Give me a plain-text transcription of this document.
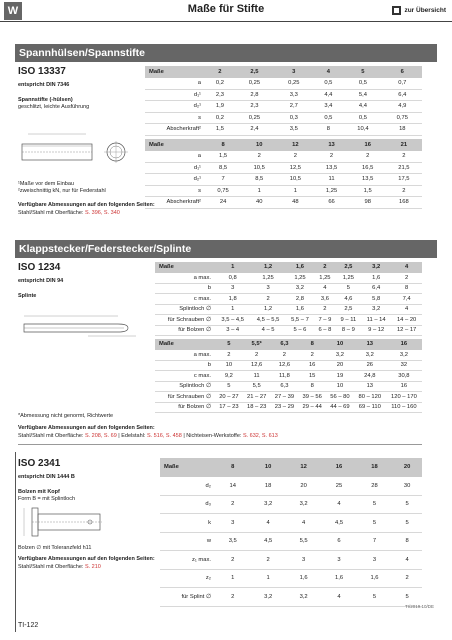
W	Maße für Stifte	zur Übersicht
Spannhülsen/Spannstifte
ISO 13337
entspricht DIN 7346
Spannstifte (-hülsen)
geschlitzt, leichte Ausführung
¹Maße vor dem Einbau
²zweischnittig kN, nur für Federstahl
Maße	2	2,5	3	4	5	6
a	0,2	0,25	0,25	0,5	0,5	0,7
d₁¹	2,3	2,8	3,3	4,4	5,4	6,4
d₂¹	1,9	2,3	2,7	3,4	4,4	4,9
s	0,2	0,25	0,3	0,5	0,5	0,75
Abscherkraft²	1,5	2,4	3,5	8	10,4	18
Maße	8	10	12	13	16	21
a	1,5	2	2	2	2	2
d₁¹	8,5	10,5	12,5	13,5	16,5	21,5
d₂¹	7	8,5	10,5	11	13,5	17,5
s	0,75	1	1	1,25	1,5	2
Abscherkraft²	24	40	48	66	98	168
Verfügbare Abmessungen auf den folgenden Seiten:
Stahl/Stahl mit Oberfläche: S. 396, S. 340
Klappstecker/Federstecker/Splinte
ISO 1234
entspricht DIN 94
Splinte
*Abmessung nicht genormt, Richtwerte
Maße	1	1,2	1,6	2	2,5	3,2	4
a max.	0,8	1,25	1,25	1,25	1,25	1,6	2
b	3	3	3,2	4	5	6,4	8
c max.	1,8	2	2,8	3,6	4,6	5,8	7,4
Splintloch ∅	1	1,2	1,6	2	2,5	3,2	4
für Schrauben ∅	3,5 – 4,5	4,5 – 5,5	5,5 – 7	7 – 9	9 – 11	11 – 14	14 – 20
für Bolzen ∅	3 – 4	4 – 5	5 – 6	6 – 8	8 – 9	9 – 12	12 – 17
Maße	5	5,5*	6,3	8	10	13	16
a max.	2	2	2	2	3,2	3,2	3,2
b	10	12,6	12,6	16	20	26	32
c max.	9,2	11	11,8	15	19	24,8	30,8
Splintloch ∅	5	5,5	6,3	8	10	13	16
für Schrauben ∅	20 – 27	21 – 27	27 – 39	39 – 56	56 – 80	80 – 120	120 – 170
für Bolzen ∅	17 – 23	18 – 23	23 – 29	29 – 44	44 – 69	69 – 110	110 – 160
Verfügbare Abmessungen auf den folgenden Seiten:
Stahl/Stahl mit Oberfläche: S. 208, S. 69 | Edelstahl: S. 516, S. 458 | Nichteisen-Werkstoffe: S. 632, S. 613
ISO 2341
entspricht DIN 1444 B
Bolzen mit Kopf
Form B = mit Splintloch
Bolzen ∅ mit Toleranzfeld h11
Maße	8	10	12	16	18	20
d₂	14	18	20	25	28	30
d₃	2	3,2	3,2	4	5	5
k	3	4	4	4,5	5	5
w	3,5	4,5	5,5	6	7	8
z₁ max.	2	2	3	3	3	4
z₂	1	1	1,6	1,6	1,6	2
für Splint ∅	2	3,2	3,2	4	5	5
Verfügbare Abmessungen auf den folgenden Seiten:
Stahl/Stahl mit Oberfläche: S. 210
TI/2019.10/DE
TI-122
